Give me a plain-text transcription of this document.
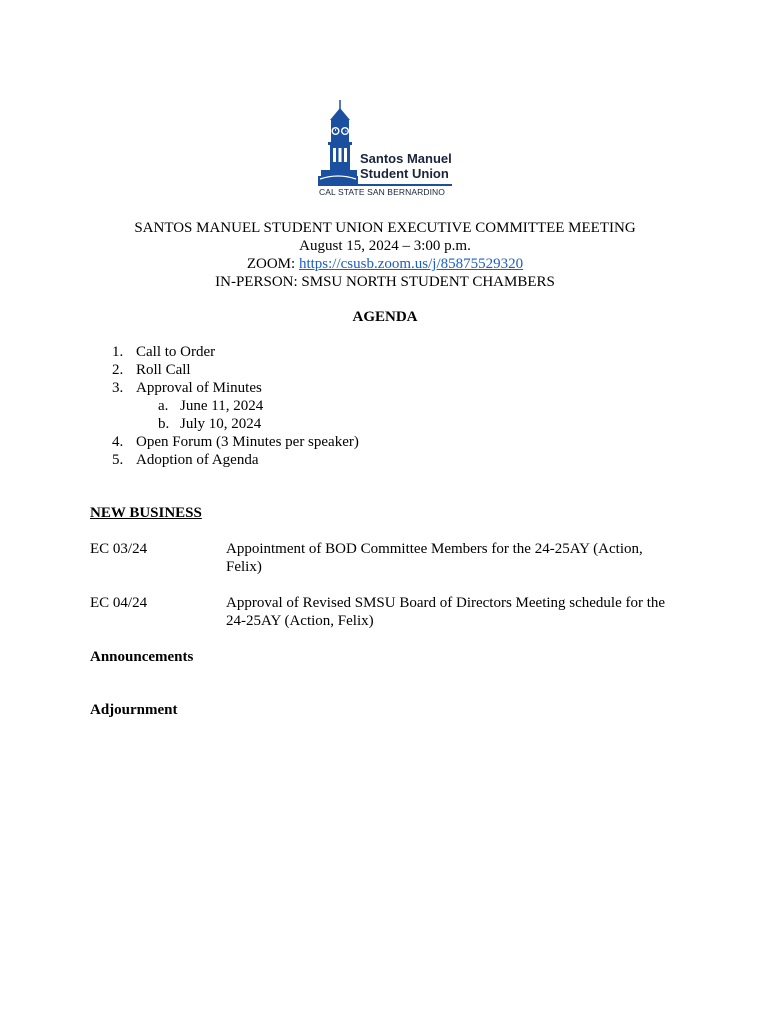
Santos Manuel
Student Union
CAL STATE SAN BERNARDINO
SANTOS MANUEL STUDENT UNION EXECUTIVE COMMITTEE MEETING
August 15, 2024 – 3:00 p.m.
ZOOM: https://csusb.zoom.us/j/85875529320
IN-PERSON: SMSU NORTH STUDENT CHAMBERS
AGENDA
1. Call to Order
2. Roll Call
3. Approval of Minutes
a. June 11, 2024
b. July 10, 2024
4. Open Forum (3 Minutes per speaker)
5. Adoption of Agenda
NEW BUSINESS
EC 03/24	Appointment of BOD Committee Members for the 24-25AY (Action, Felix)
EC 04/24	Approval of Revised SMSU Board of Directors Meeting schedule for the 24-25AY (Action, Felix)
Announcements
Adjournment
